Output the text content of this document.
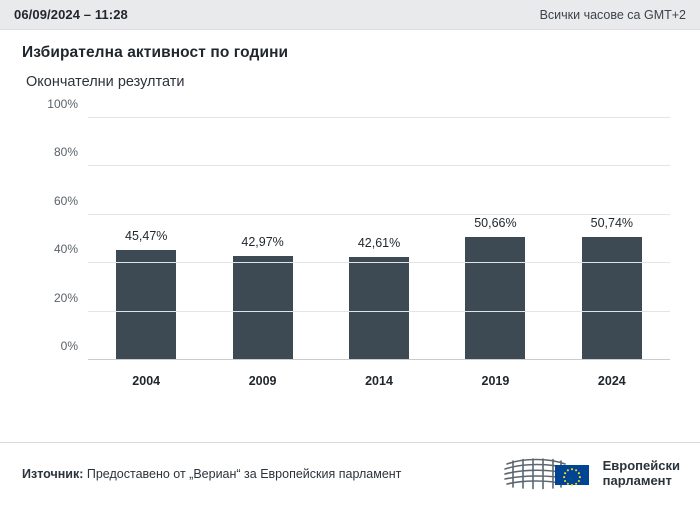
06/09/2024 – 11:28	Всички часове са GMT+2
Избирателна активност по години
Окончателни резултати
45,47%	42,97%	42,61%
50,66%	50,74%
0%
20%
40%
60%
80%
100%
2004	2009	2014	2019	2024
Източник: Предоставено от „Вериан“ за Европейския парламент
Европейски
парламент
